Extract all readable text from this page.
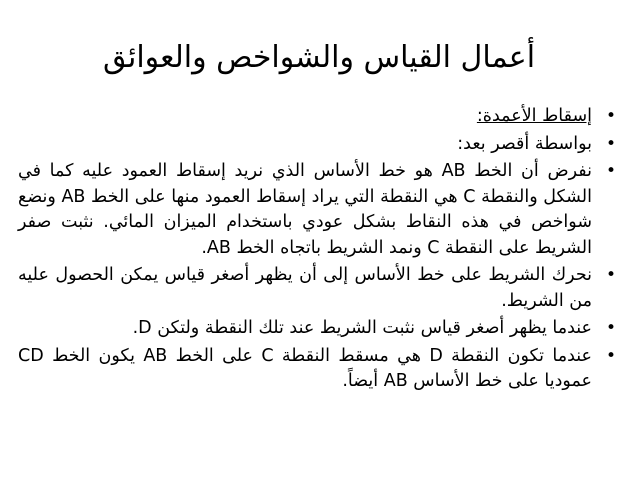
أعمال القياس والشواخص والعوائق
•
إسقاط الأعمدة:
•
بواسطة أقصر بعد:
•
نفرض أن الخط AB هو خط الأساس الذي نريد إسقاط العمود عليه كما في الشكل والنقطة C هي النقطة التي يراد إسقاط العمود منها على الخط AB ونضع شواخص في هذه النقاط بشكل عودي باستخدام الميزان المائي. نثبت صفر الشريط على النقطة C ونمد الشريط باتجاه الخط AB.
•
نحرك الشريط على خط الأساس إلى أن يظهر أصغر قياس يمكن الحصول عليه من الشريط.
•
عندما يظهر أصغر قياس نثبت الشريط عند تلك النقطة ولتكن D.
•
عندما تكون النقطة D هي مسقط النقطة C على الخط AB يكون الخط CD عموديا على خط الأساس AB أيضاً.
